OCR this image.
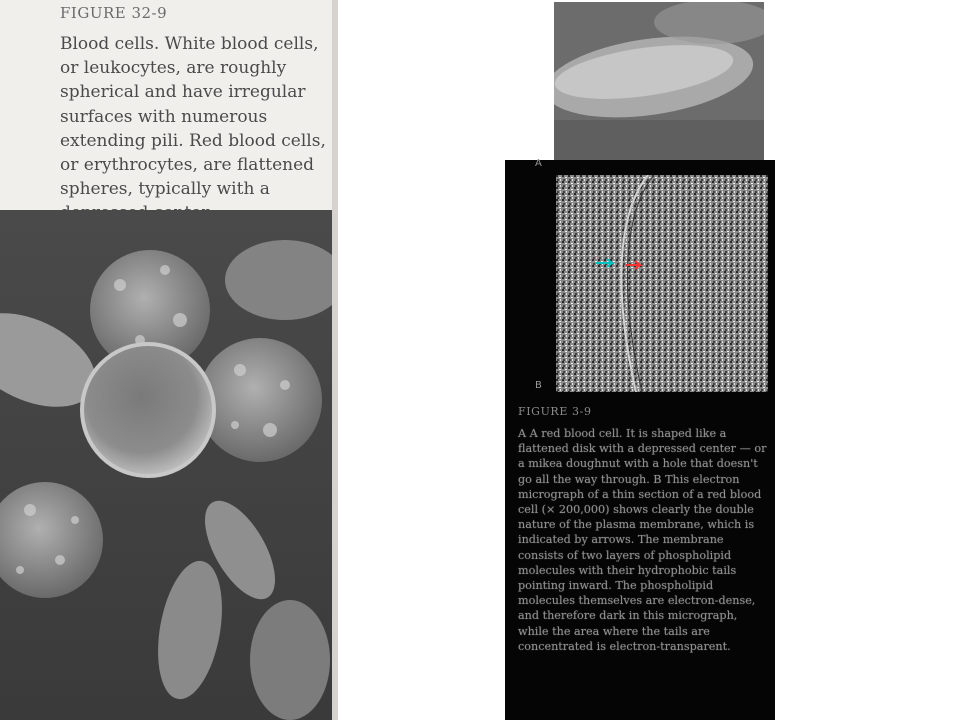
FIGURE 32-9
Blood cells. White blood cells, or leukocytes, are roughly spherical and have irregular surfaces with numerous extending pili. Red blood cells, or erythrocytes, are flattened spheres, typically with a
A
B
FIGURE 3-9
A A red blood cell. It is shaped like a flattened disk with a depressed center — or a mikea doughnut with a hole that doesn't go all the way through. B This electron micrograph of a thin section of a red blood cell (× 200,000) shows clearly the double nature of the plasma membrane, which is indicated by arrows. The membrane consists of two layers of phospholipid molecules with their hydrophobic tails pointing inward. The phospholipid molecules themselves are electron-dense, and therefore dark in this micrograph, while the area where the tails are concentrated is electron-transparent.
